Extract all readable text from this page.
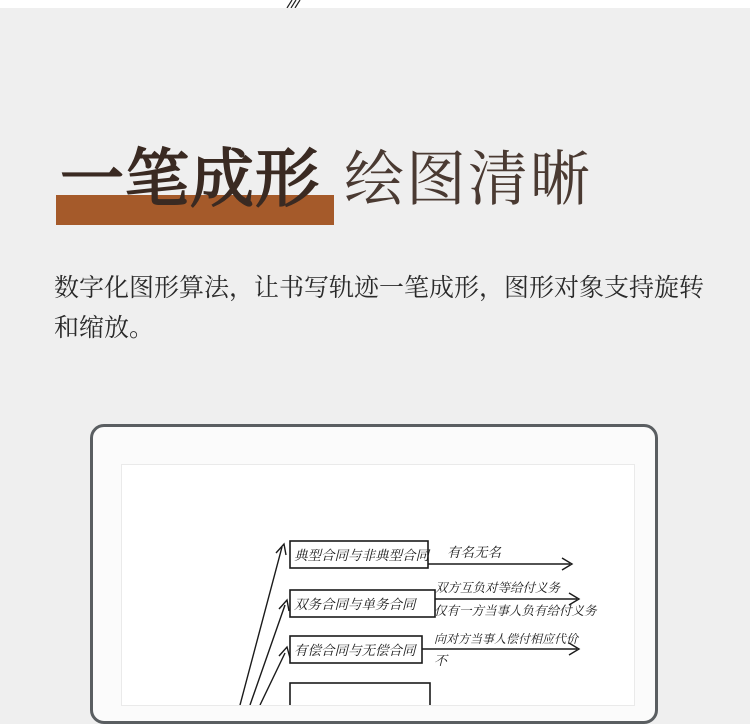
一笔成形 绘图清晰
数字化图形算法，让书写轨迹一笔成形，图形对象支持旋转和缩放。
典型合同与非典型合同
双务合同与单务合同
有偿合同与无偿合同
有名无名
双方互负对等给付义务
仅有一方当事人负有给付义务
向对方当事人偿付相应代价
不
